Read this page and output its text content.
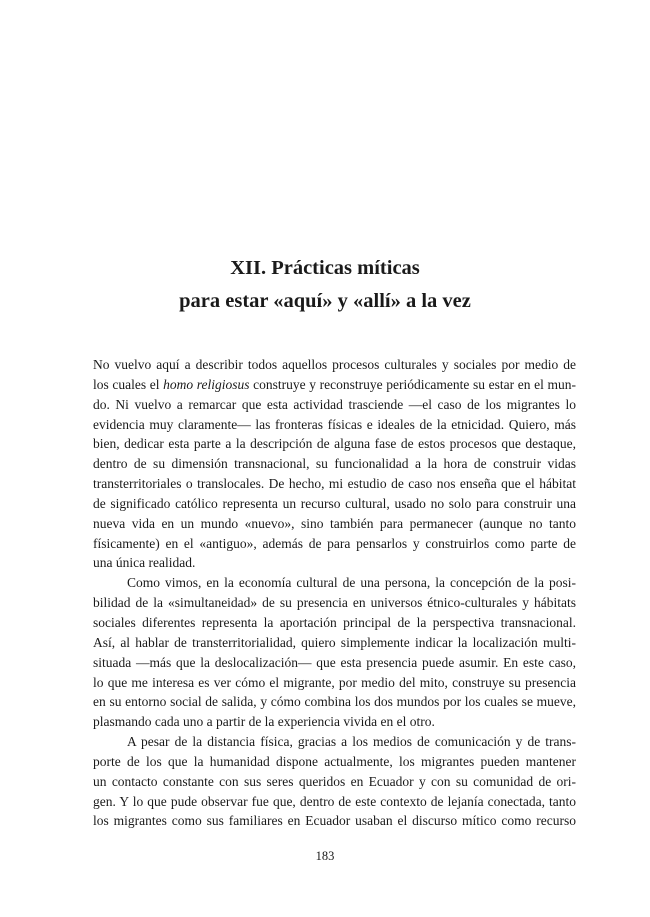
XII. Prácticas míticas
para estar «aquí» y «allí» a la vez
No vuelvo aquí a describir todos aquellos procesos culturales y sociales por medio de
los cuales el homo religiosus construye y reconstruye periódicamente su estar en el mun-
do. Ni vuelvo a remarcar que esta actividad trasciende —el caso de los migrantes lo
evidencia muy claramente— las fronteras físicas e ideales de la etnicidad. Quiero, más
bien, dedicar esta parte a la descripción de alguna fase de estos procesos que destaque,
dentro de su dimensión transnacional, su funcionalidad a la hora de construir vidas
transterritoriales o translocales. De hecho, mi estudio de caso nos enseña que el hábitat
de significado católico representa un recurso cultural, usado no solo para construir una
nueva vida en un mundo «nuevo», sino también para permanecer (aunque no tanto
físicamente) en el «antiguo», además de para pensarlos y construirlos como parte de
una única realidad.
Como vimos, en la economía cultural de una persona, la concepción de la posi-
bilidad de la «simultaneidad» de su presencia en universos étnico-culturales y hábitats
sociales diferentes representa la aportación principal de la perspectiva transnacional.
Así, al hablar de transterritorialidad, quiero simplemente indicar la localización multi-
situada —más que la deslocalización— que esta presencia puede asumir. En este caso,
lo que me interesa es ver cómo el migrante, por medio del mito, construye su presencia
en su entorno social de salida, y cómo combina los dos mundos por los cuales se mueve,
plasmando cada uno a partir de la experiencia vivida en el otro.
A pesar de la distancia física, gracias a los medios de comunicación y de trans-
porte de los que la humanidad dispone actualmente, los migrantes pueden mantener
un contacto constante con sus seres queridos en Ecuador y con su comunidad de ori-
gen. Y lo que pude observar fue que, dentro de este contexto de lejanía conectada, tanto
los migrantes como sus familiares en Ecuador usaban el discurso mítico como recurso
183
